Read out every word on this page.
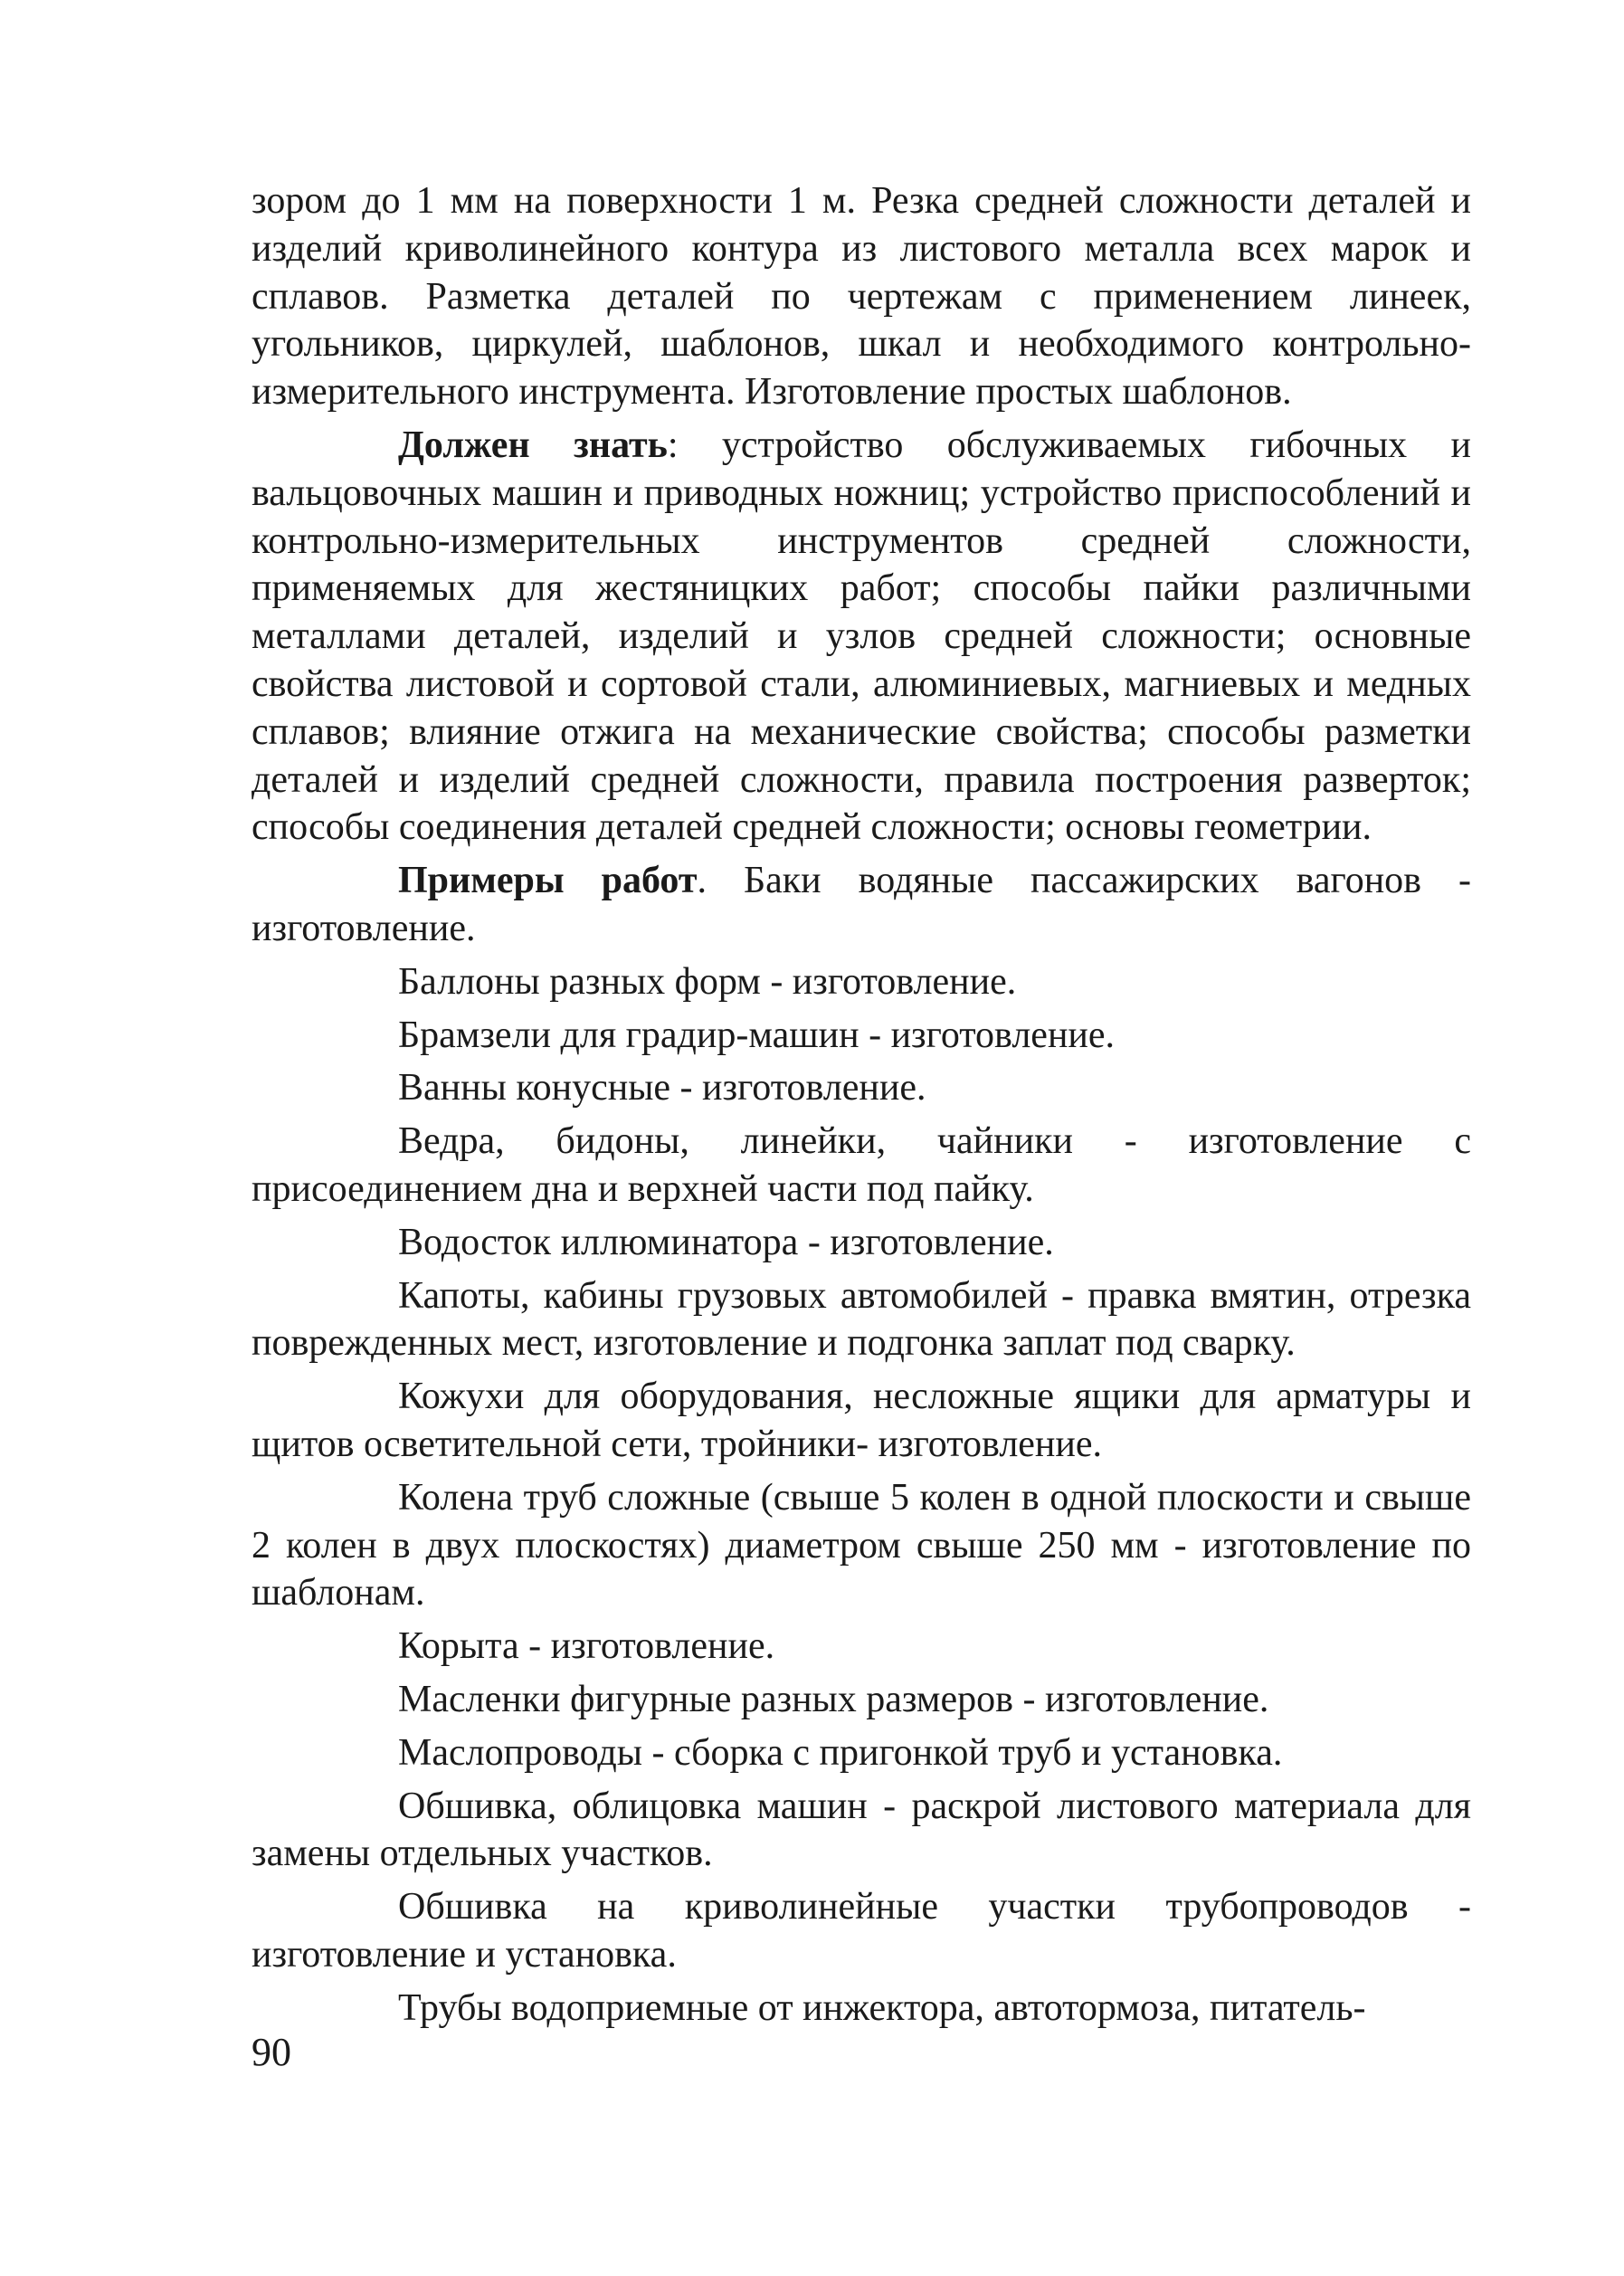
зором до 1 мм на поверхности 1 м. Резка средней сложности деталей и изделий криволинейного контура из листового металла всех марок и сплавов. Разметка деталей по чертежам с применением линеек, угольников, циркулей, шаблонов, шкал и необходимого контрольно-измерительного инструмента. Изготовление простых шаблонов.

Должен знать: устройство обслуживаемых гибочных и вальцовочных машин и приводных ножниц; устройство приспособлений и контрольно-измерительных инструментов средней сложности, применяемых для жестяницких работ; способы пайки различными металлами деталей, изделий и узлов средней сложности; основные свойства листовой и сортовой стали, алюминиевых, магниевых и медных сплавов; влияние отжига на механические свойства; способы разметки деталей и изделий средней сложности, правила построения разверток; способы соединения деталей средней сложности; основы геометрии.

Примеры работ. Баки водяные пассажирских вагонов - изготовление.

Баллоны разных форм - изготовление.

Брамзели для градир-машин - изготовление.

Ванны конусные - изготовление.

Ведра, бидоны, линейки, чайники - изготовление с присоединением дна и верхней части под пайку.

Водосток иллюминатора - изготовление.

Капоты, кабины грузовых автомобилей - правка вмятин, отрезка поврежденных мест, изготовление и подгонка заплат под сварку.

Кожухи для оборудования, несложные ящики для арматуры и щитов осветительной сети, тройники- изготовление.

Колена труб сложные (свыше 5 колен в одной плоскости и свыше 2 колен в двух плоскостях) диаметром свыше 250 мм - изготовление по шаблонам.

Корыта - изготовление.

Масленки фигурные разных размеров - изготовление.

Маслопроводы - сборка с пригонкой труб и установка.

Обшивка, облицовка машин - раскрой листового материала для замены отдельных участков.

Обшивка на криволинейные участки трубопроводов - изготовление и установка.

Трубы водоприемные от инжектора, автотормоза, питатель-

90
